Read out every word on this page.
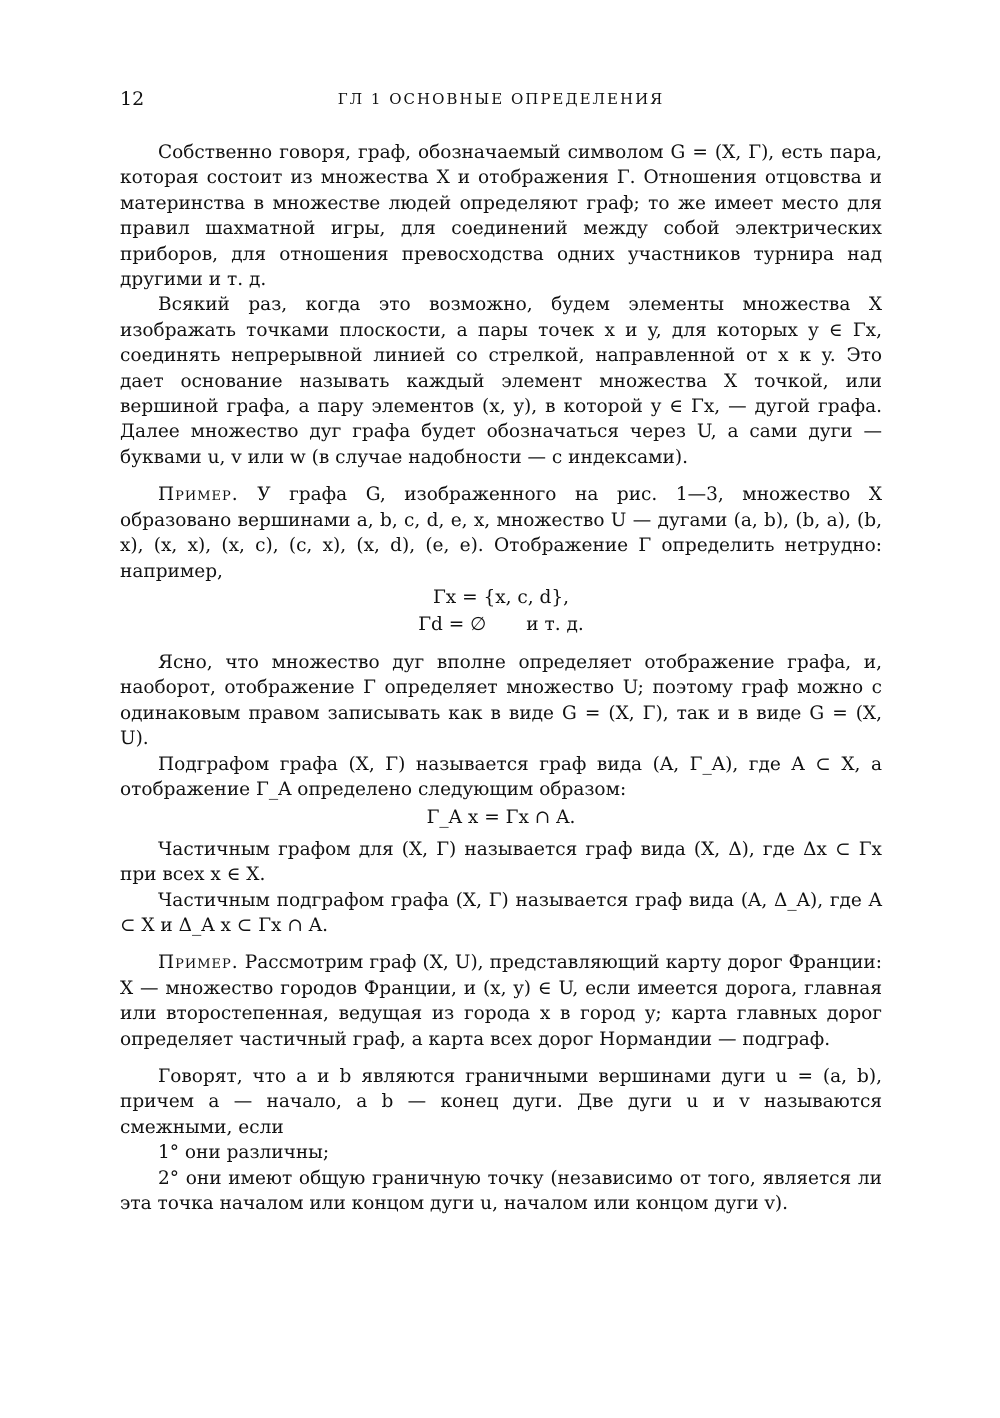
12	ГЛ 1 ОСНОВНЫЕ ОПРЕДЕЛЕНИЯ

Собственно говоря, граф, обозначаемый символом G = (X, Γ), есть пара, которая состоит из множества X и отображения Γ. Отношения отцовства и материнства в множестве людей определяют граф; то же имеет место для правил шахматной игры, для соединений между собой электрических приборов, для отношения превосходства одних участников турнира над другими и т. д.

Всякий раз, когда это возможно, будем элементы множества X изображать точками плоскости, а пары точек x и y, для которых y ∈ Γx, соединять непрерывной линией со стрелкой, направленной от x к y. Это дает основание называть каждый элемент множества X точкой, или вершиной графа, а пару элементов (x, y), в которой y ∈ Γx, — дугой графа. Далее множество дуг графа будет обозначаться через U, а сами дуги — буквами u, v или w (в случае надобности — с индексами).

Пример. У графа G, изображенного на рис. 1—3, множество X образовано вершинами a, b, c, d, e, x, множество U — дугами (a, b), (b, a), (b, x), (x, x), (x, c), (c, x), (x, d), (e, e). Отображение Γ определить нетрудно: например,

Γx = {x, c, d},
Γd = ∅ и т. д.

Ясно, что множество дуг вполне определяет отображение графа, и, наоборот, отображение Γ определяет множество U; поэтому граф можно с одинаковым правом записывать как в виде G = (X, Γ), так и в виде G = (X, U).

Подграфом графа (X, Γ) называется граф вида (A, Γ_A), где A ⊂ X, а отображение Γ_A определено следующим образом:

Γ_A x = Γx ∩ A.

Частичным графом для (X, Γ) называется граф вида (X, Δ), где Δx ⊂ Γx при всех x ∈ X.

Частичным подграфом графа (X, Γ) называется граф вида (A, Δ_A), где A ⊂ X и Δ_A x ⊂ Γx ∩ A.

Пример. Рассмотрим граф (X, U), представляющий карту дорог Франции: X — множество городов Франции, и (x, y) ∈ U, если имеется дорога, главная или второстепенная, ведущая из города x в город y; карта главных дорог определяет частичный граф, а карта всех дорог Нормандии — подграф.

Говорят, что a и b являются граничными вершинами дуги u = (a, b), причем a — начало, а b — конец дуги. Две дуги u и v называются смежными, если

1° они различны;

2° они имеют общую граничную точку (независимо от того, является ли эта точка началом или концом дуги u, началом или концом дуги v).
